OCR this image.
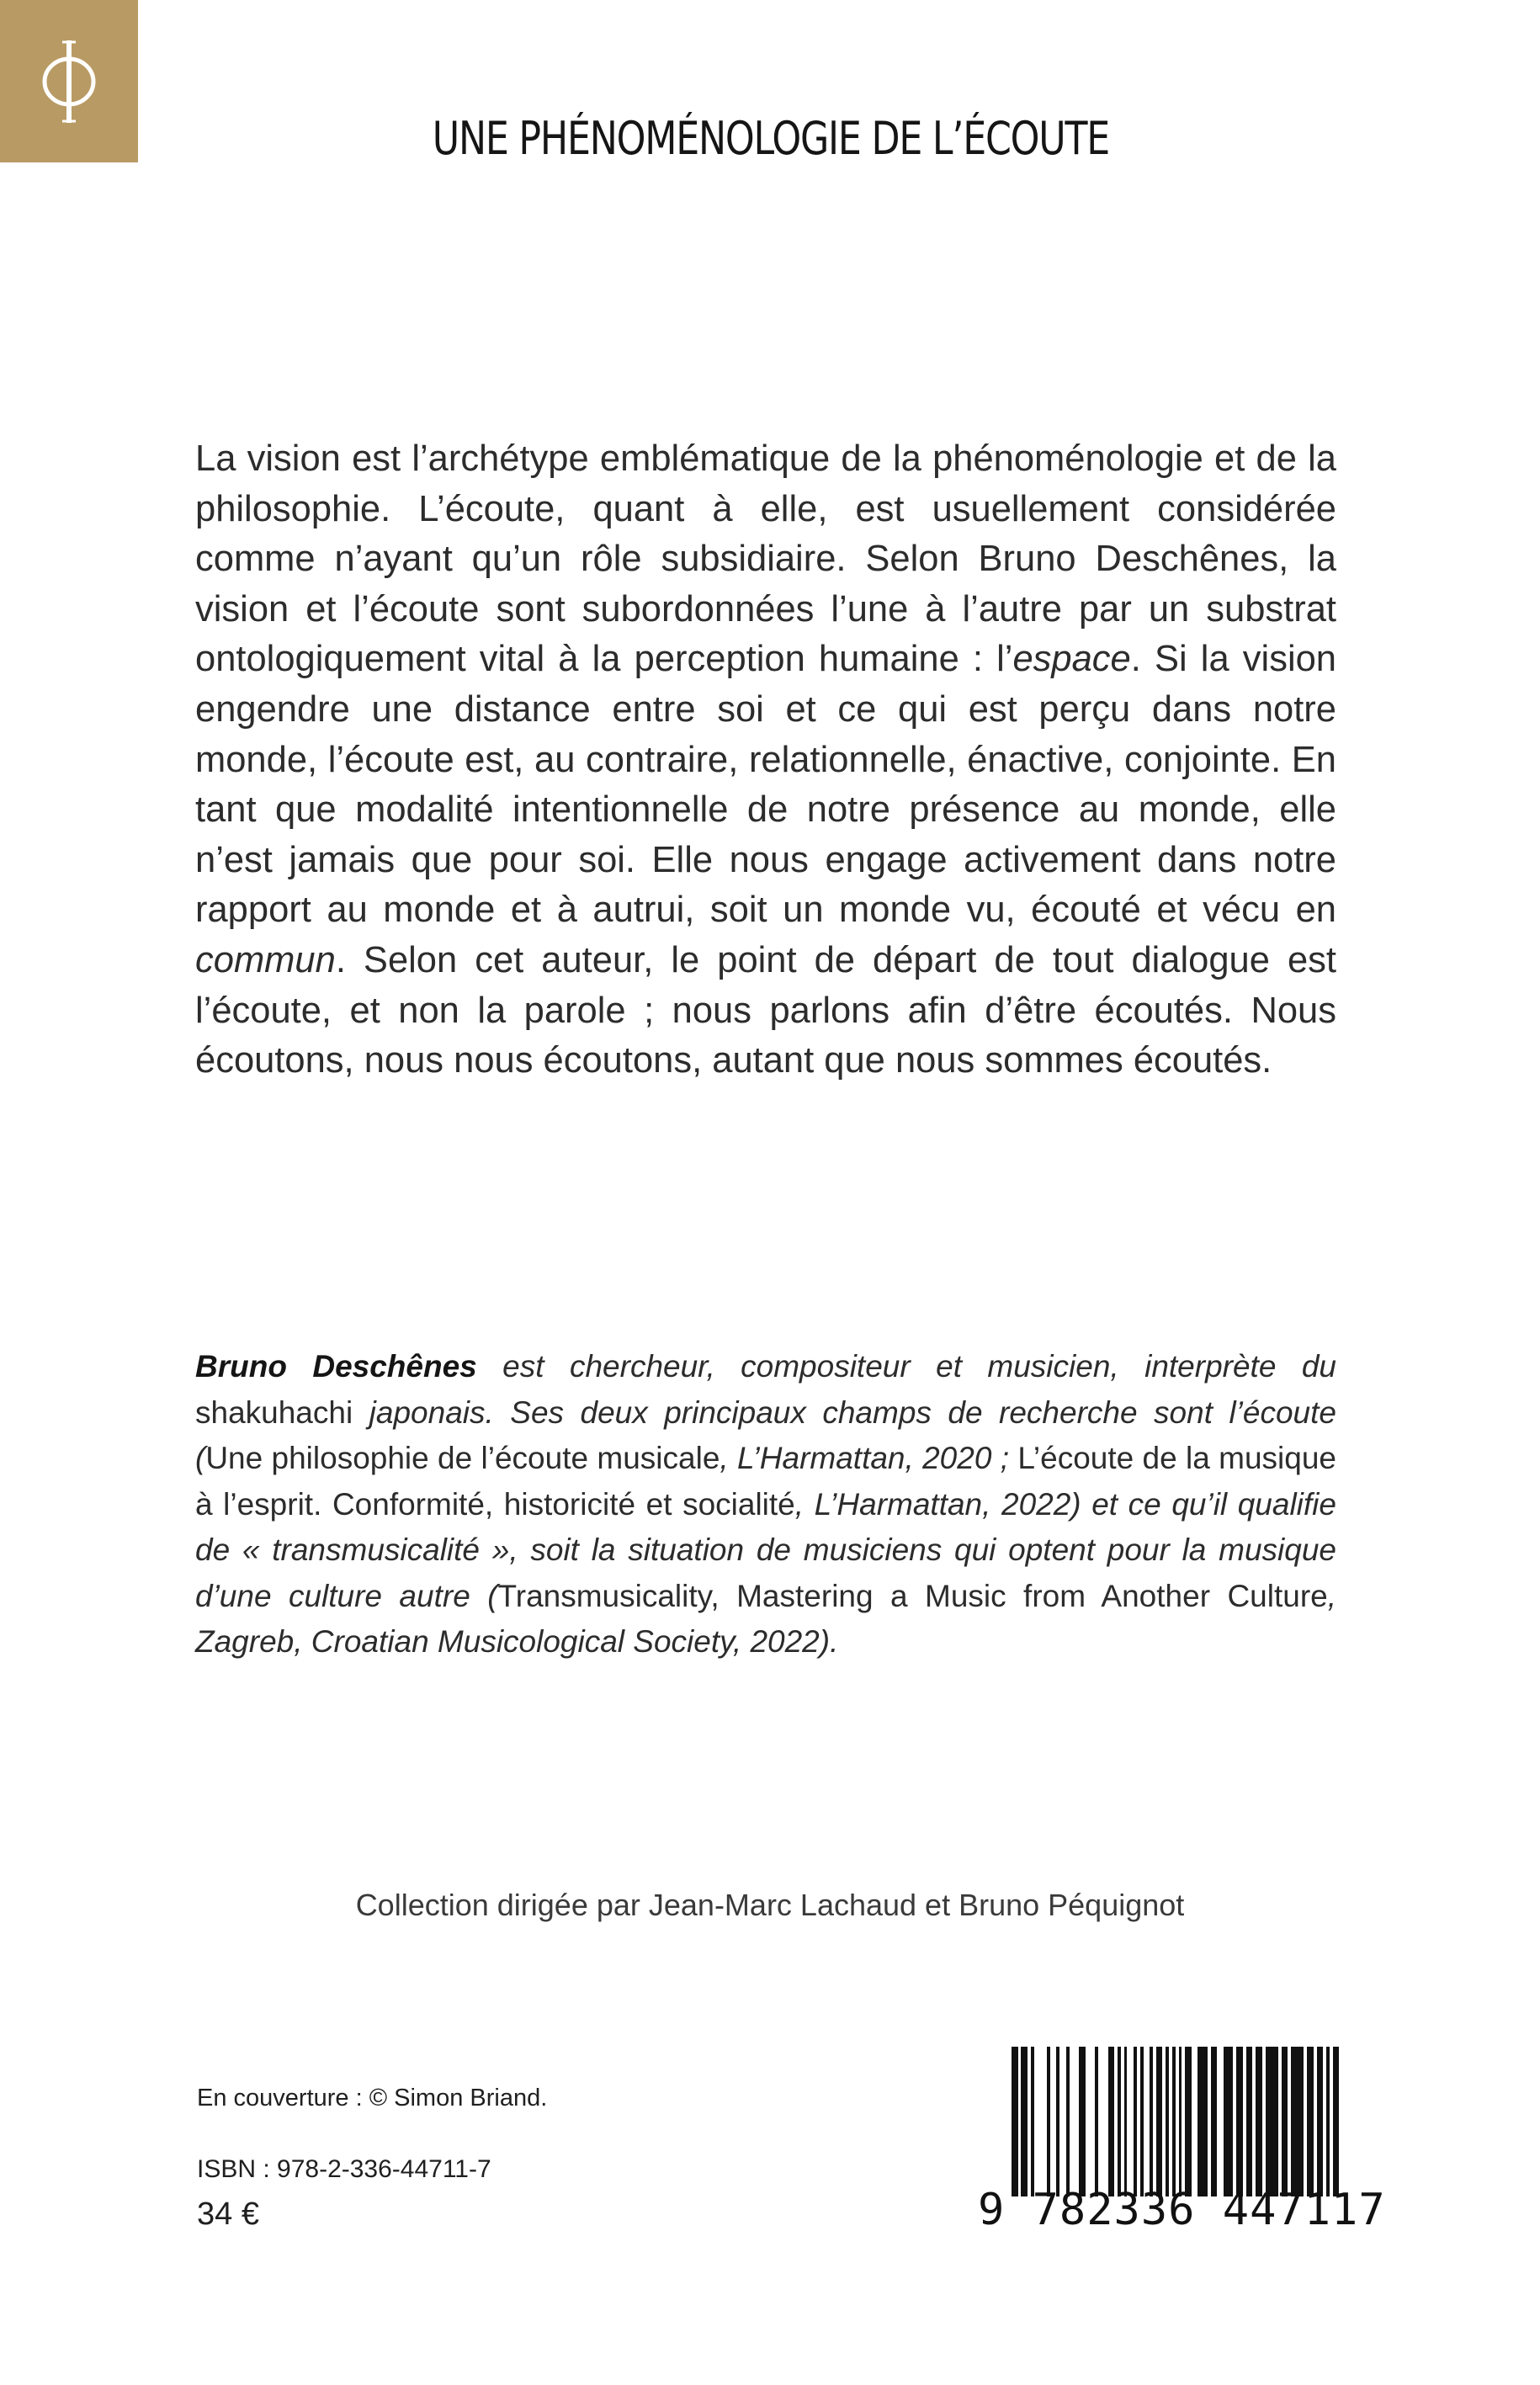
UNE PHÉNOMÉNOLOGIE DE L’ÉCOUTE

La vision est l’archétype emblématique de la phénoménologie et de la philosophie. L’écoute, quant à elle, est usuellement considérée comme n’ayant qu’un rôle subsidiaire. Selon Bruno Deschênes, la vision et l’écoute sont subordonnées l’une à l’autre par un substrat ontologiquement vital à la perception humaine : l’espace. Si la vision engendre une distance entre soi et ce qui est perçu dans notre monde, l’écoute est, au contraire, relationnelle, énactive, conjointe. En tant que modalité intentionnelle de notre présence au monde, elle n’est jamais que pour soi. Elle nous engage activement dans notre rapport au monde et à autrui, soit un monde vu, écouté et vécu en commun. Selon cet auteur, le point de départ de tout dialogue est l’écoute, et non la parole ; nous parlons afin d’être écoutés. Nous écoutons, nous nous écoutons, autant que nous sommes écoutés.

Bruno Deschênes est chercheur, compositeur et musicien, interprète du shakuhachi japonais. Ses deux principaux champs de recherche sont l’écoute (Une philosophie de l’écoute musicale, L’Harmattan, 2020 ; L’écoute de la musique à l’esprit. Conformité, historicité et socialité, L’Harmattan, 2022) et ce qu’il qualifie de « transmusicalité », soit la situation de musiciens qui optent pour la musique d’une culture autre (Transmusicality, Mastering a Music from Another Culture, Zagreb, Croatian Musicological Society, 2022).

Collection dirigée par Jean-Marc Lachaud et Bruno Péquignot

En couverture : © Simon Briand.

ISBN : 978-2-336-44711-7

34 €	9 782336 447117
